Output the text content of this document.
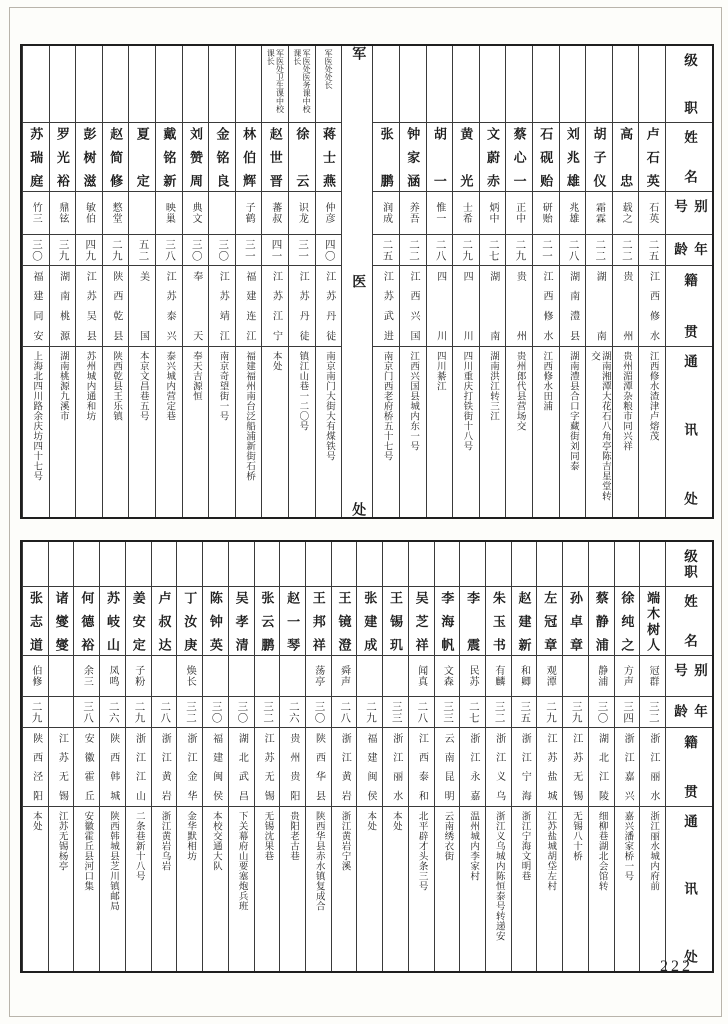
级职
姓名
别号
年龄
籍贯
通讯处
卢石英
石英
二五
江西修水
江西修水渣津卢熔茂
高忠
载之
二二
贵州
贵州湄潭杂粮市同兴祥
胡子仪
霜霖
二二
湖南
湖南湘潭大花石八角亭陈吉星堂转交
刘兆雄
兆雄
二八
湖南澧县
湖南澧县合口字藏街刘同泰
石砚贻
研贻
二一
江西修水
江西修水田浦
蔡心一
正中
二九
贵州
贵州郎代县营场交
文蔚赤
炳中
二七
湖南
湖南洪江转三江
黄光
士希
二九
四川
四川重庆打铁街十八号
胡一
惟一
二八
四川
四川綦江
钟家涵
养吾
二二
江西兴国
江西兴国县城内东一号
张鹏
润成
二五
江苏武进
南京门西老府桥五十七号
军医处
军医处处长
蒋士燕
仲彦
四〇
江苏丹徒
南京南门大街大有煤铁号
军医处医务课中校课长
徐云
识龙
三一
江苏丹徒
镇江山巷一二〇号
军医处卫生课中校课长
赵世晋
蕃叔
四一
江苏江宁
本处
林伯辉
子鹤
三一
福建连江
福建福州南台泛船浦新街石桥
金铭良
三〇
江苏靖江
南京奇望街一号
刘赞周
典文
三〇
奉天
奉天吉源恒
戴铭新
映巢
三八
江苏泰兴
泰兴城内营定巷
夏定
五二
美国
本京文昌巷五号
赵简修
憗堂
二九
陕西乾县
陕西乾县王乐镇
彭树滋
敏伯
四九
江苏吴县
苏州城内通和坊
罗光裕
鼎铉
三九
湖南桃源
湖南桃源九溪市
苏瑞庭
竹三
三〇
福建同安
上海北四川路余庆坊四十七号
级职
姓名
别号
年龄
籍贯
通讯处
端木树人
冠群
三二
浙江丽水
浙江丽水城内府前
徐纯之
方声
三四
浙江嘉兴
嘉兴潘家桥一号
蔡静浦
静浦
三〇
湖北江陵
细柳巷湖北会馆转
孙卓章
三九
江苏无锡
无锡八十桥
左冠章
观潭
二九
江苏盐城
江苏盐城胡垈左村
赵建新
和卿
三五
浙江宁海
浙江宁海文明巷
朱玉书
有麟
三二
浙江义乌
浙江义乌城内陈恒泰号转递安
李震
民苏
二七
浙江永嘉
温州城内李家村
李海帆
文森
三三
云南昆明
云南绣衣街
吴芝祥
闻真
二八
江西泰和
北平辟才头条三号
王锡玑
三三
浙江丽水
本处
张建成
二九
福建闽侯
本处
王镜澄
舜声
二八
浙江黄岩
浙江黄岩宁溪
王邦祥
荡亭
三〇
陕西华县
陕西华县赤水镇复成合
赵一琴
二六
贵州贵阳
贵阳老古巷
张云鹏
三二
江苏无锡
无锡沈果巷
吴孝清
三〇
湖北武昌
下关幕府山要塞炮兵班
陈钟英
三〇
福建闽侯
本校交通大队
丁汝庚
焕长
三二
浙江金华
金华默相坊
卢叔达
二八
浙江黄岩
浙江黄岩乌岩
姜安定
子粉
二九
浙江江山
二条巷新十八号
苏岐山
凤鸣
二六
陕西韩城
陕西韩城县芝川镇邮局
何德裕
余三
三八
安徽霍丘
安徽霍丘县河口集
诸燮燮
江苏无锡
江苏无锡杨亭
张志道
伯修
二九
陕西泾阳
本处
222
